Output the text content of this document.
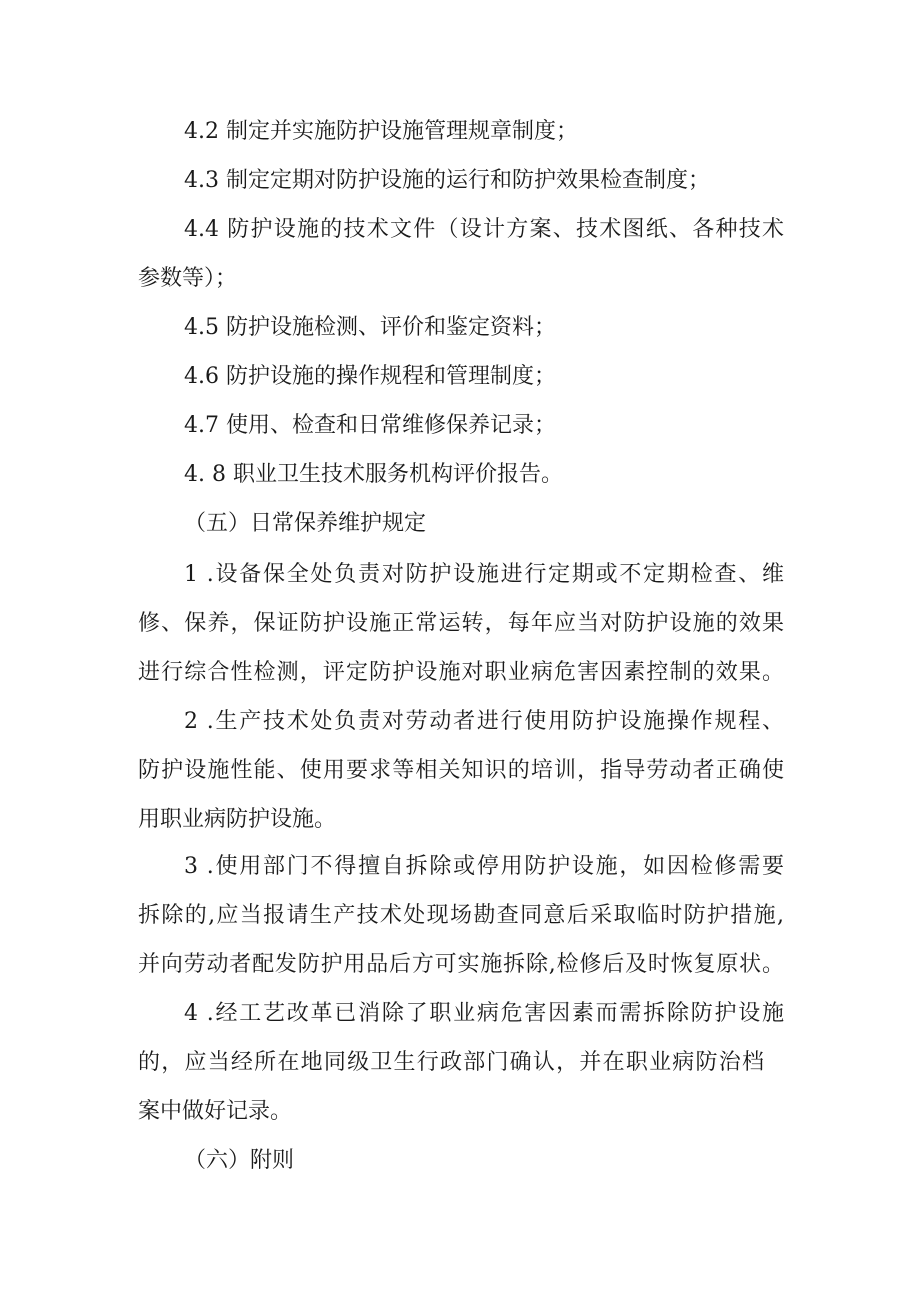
4.2 制定并实施防护设施管理规章制度；

4.3 制定定期对防护设施的运行和防护效果检查制度；

4.4 防护设施的技术文件（设计方案、技术图纸、各种技术

参数等）；

4.5 防护设施检测、评价和鉴定资料；

4.6 防护设施的操作规程和管理制度；

4.7 使用、检查和日常维修保养记录；

4. 8 职业卫生技术服务机构评价报告。

（五）日常保养维护规定

1 .设备保全处负责对防护设施进行定期或不定期检查、维

修、保养，保证防护设施正常运转，每年应当对防护设施的效果

进行综合性检测，评定防护设施对职业病危害因素控制的效果。

2 .生产技术处负责对劳动者进行使用防护设施操作规程、

防护设施性能、使用要求等相关知识的培训，指导劳动者正确使

用职业病防护设施。

3 .使用部门不得擅自拆除或停用防护设施，如因检修需要

拆除的,应当报请生产技术处现场勘查同意后采取临时防护措施,

并向劳动者配发防护用品后方可实施拆除,检修后及时恢复原状。

4 .经工艺改革已消除了职业病危害因素而需拆除防护设施

的，应当经所在地同级卫生行政部门确认，并在职业病防治档

案中做好记录。

（六）附则
